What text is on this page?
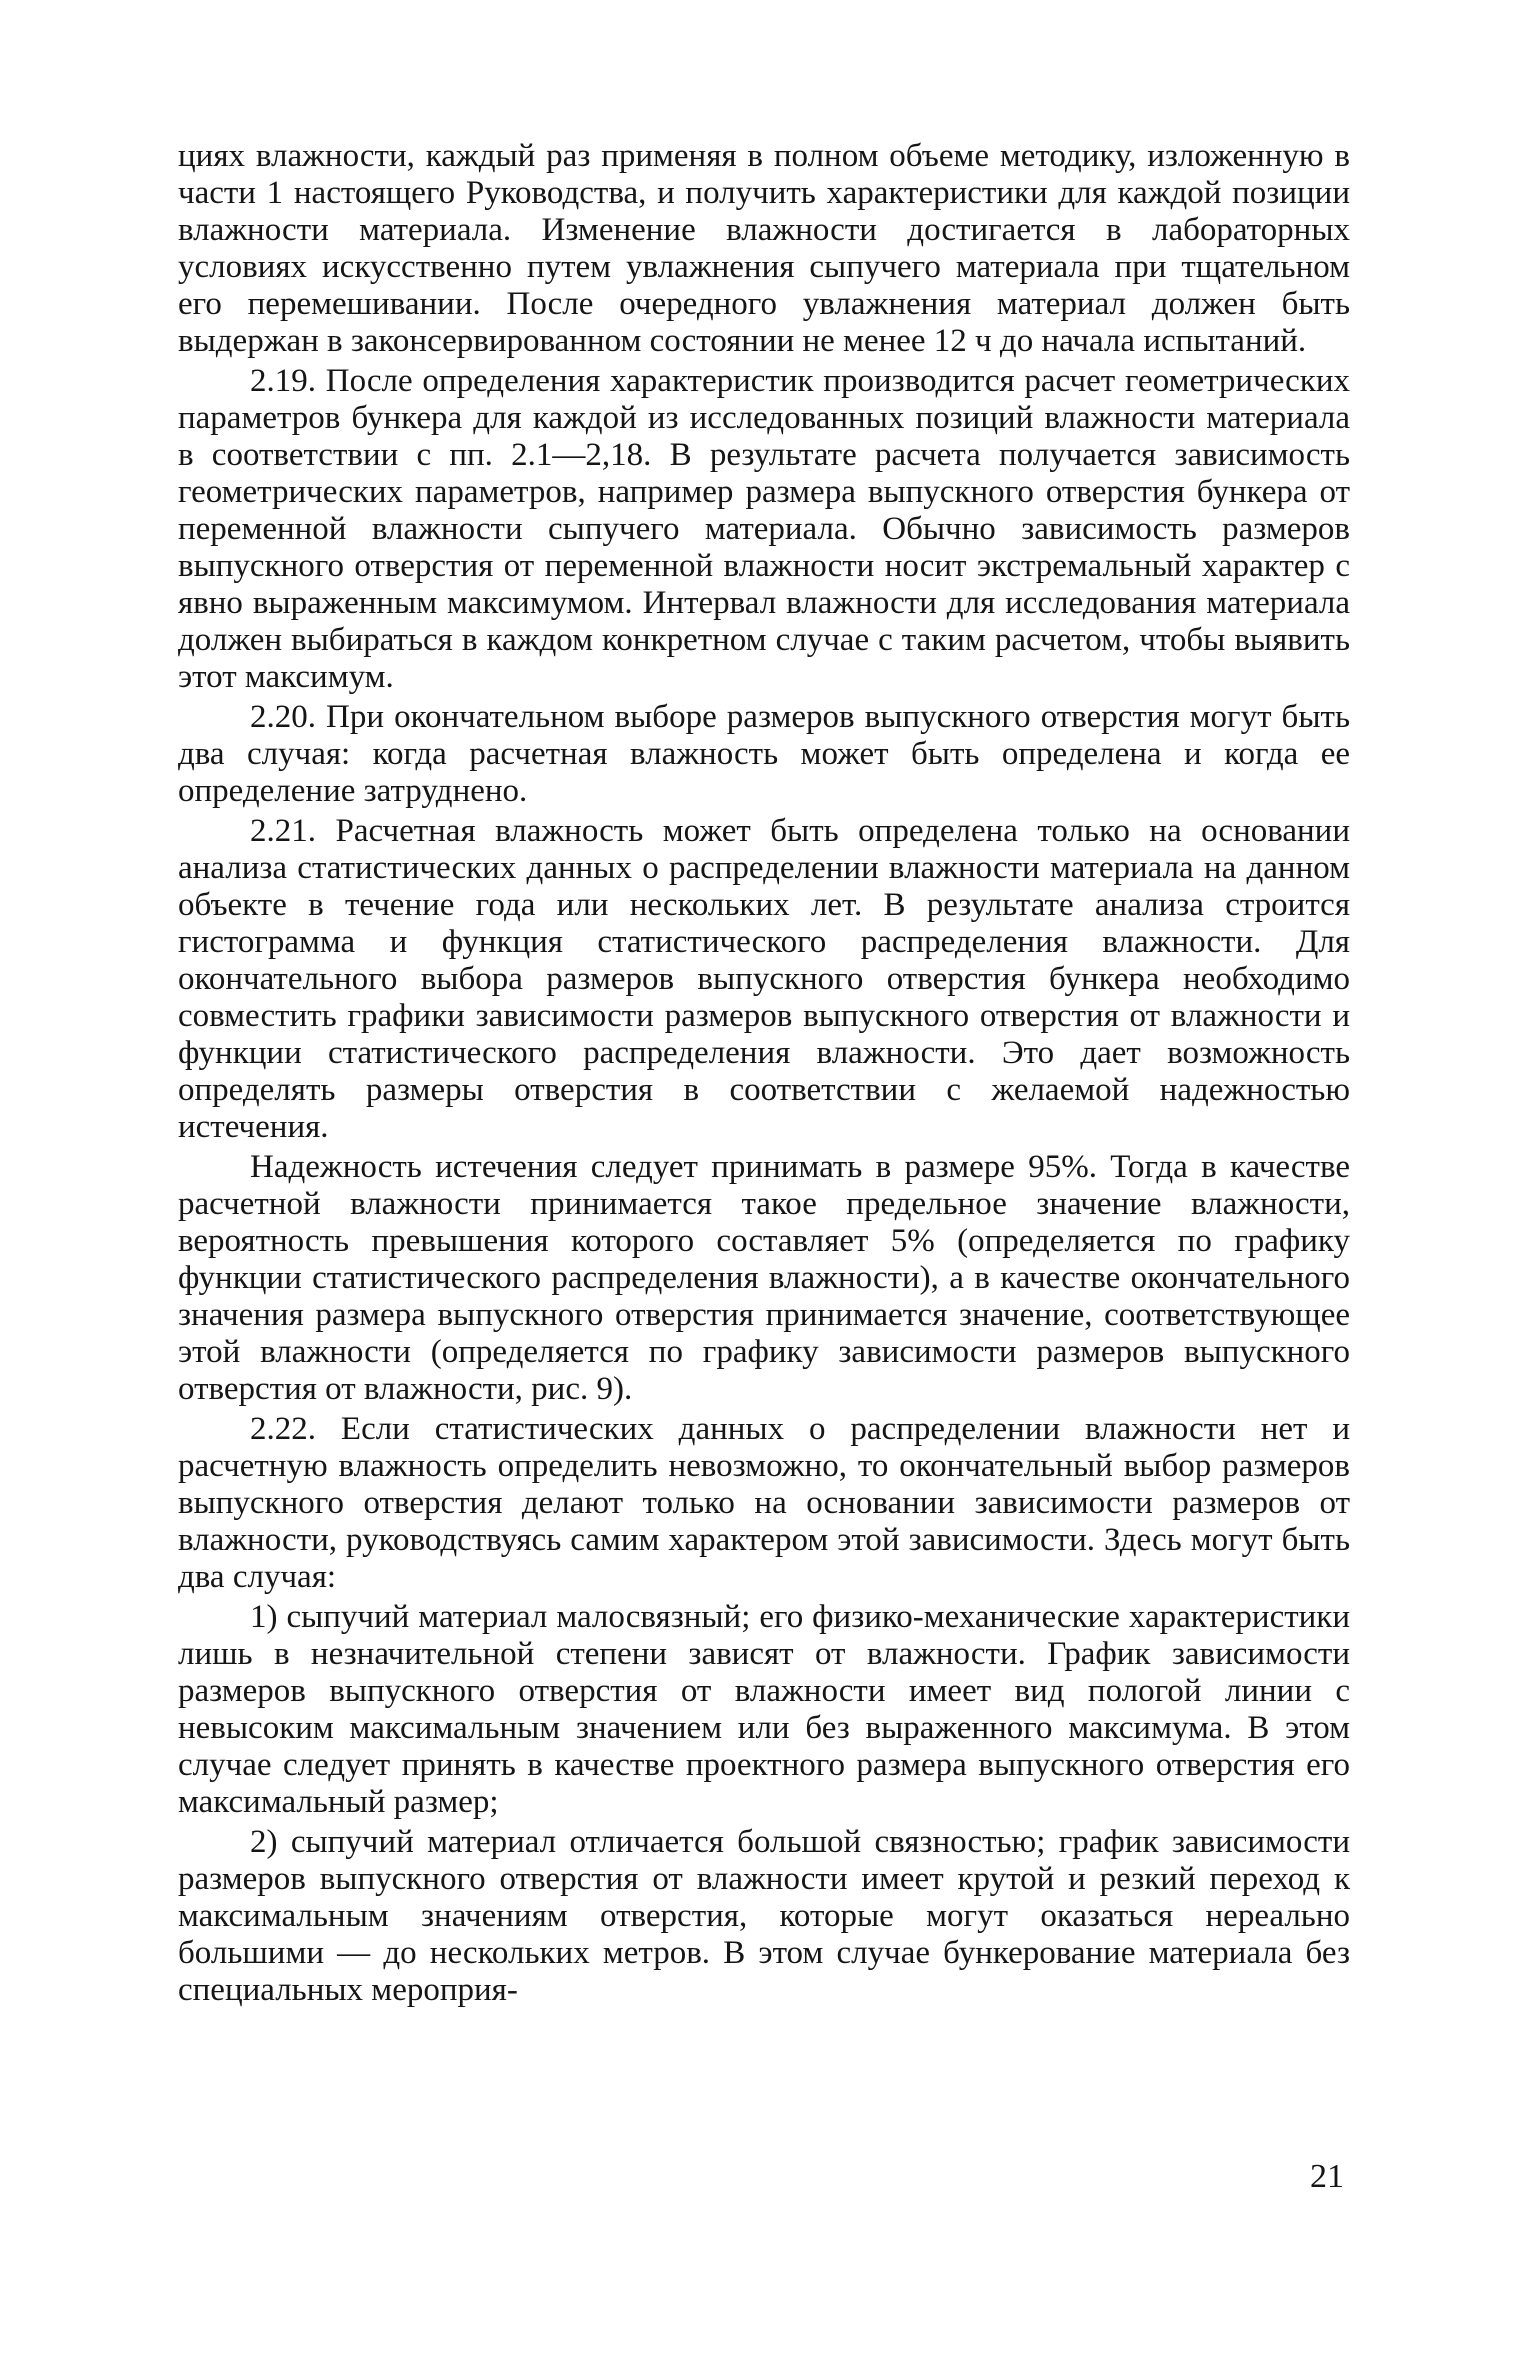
циях влажности, каждый раз применяя в полном объеме методику, изложенную в части 1 настоящего Руководства, и получить характеристики для каждой позиции влажности материала. Изменение влажности достигается в лабораторных условиях искусственно путем увлажнения сыпучего материала при тщательном его перемешивании. После очередного увлажнения материал должен быть выдержан в законсервированном состоянии не менее 12 ч до начала испытаний.

2.19. После определения характеристик производится расчет геометрических параметров бункера для каждой из исследованных позиций влажности материала в соответствии с пп. 2.1—2,18. В результате расчета получается зависимость геометрических параметров, например размера выпускного отверстия бункера от переменной влажности сыпучего материала. Обычно зависимость размеров выпускного отверстия от переменной влажности носит экстремальный характер с явно выраженным максимумом. Интервал влажности для исследования материала должен выбираться в каждом конкретном случае с таким расчетом, чтобы выявить этот максимум.

2.20. При окончательном выборе размеров выпускного отверстия могут быть два случая: когда расчетная влажность может быть определена и когда ее определение затруднено.

2.21. Расчетная влажность может быть определена только на основании анализа статистических данных о распределении влажности материала на данном объекте в течение года или нескольких лет. В результате анализа строится гистограмма и функция статистического распределения влажности. Для окончательного выбора размеров выпускного отверстия бункера необходимо совместить графики зависимости размеров выпускного отверстия от влажности и функции статистического распределения влажности. Это дает возможность определять размеры отверстия в соответствии с желаемой надежностью истечения.

Надежность истечения следует принимать в размере 95%. Тогда в качестве расчетной влажности принимается такое предельное значение влажности, вероятность превышения которого составляет 5% (определяется по графику функции статистического распределения влажности), а в качестве окончательного значения размера выпускного отверстия принимается значение, соответствующее этой влажности (определяется по графику зависимости размеров выпускного отверстия от влажности, рис. 9).

2.22. Если статистических данных о распределении влажности нет и расчетную влажность определить невозможно, то окончательный выбор размеров выпускного отверстия делают только на основании зависимости размеров от влажности, руководствуясь самим характером этой зависимости. Здесь могут быть два случая:

1) сыпучий материал малосвязный; его физико-механические характеристики лишь в незначительной степени зависят от влажности. График зависимости размеров выпускного отверстия от влажности имеет вид пологой линии с невысоким максимальным значением или без выраженного максимума. В этом случае следует принять в качестве проектного размера выпускного отверстия его максимальный размер;

2) сыпучий материал отличается большой связностью; график зависимости размеров выпускного отверстия от влажности имеет крутой и резкий переход к максимальным значениям отверстия, которые могут оказаться нереально большими — до нескольких метров. В этом случае бункерование материала без специальных мероприя-

21
